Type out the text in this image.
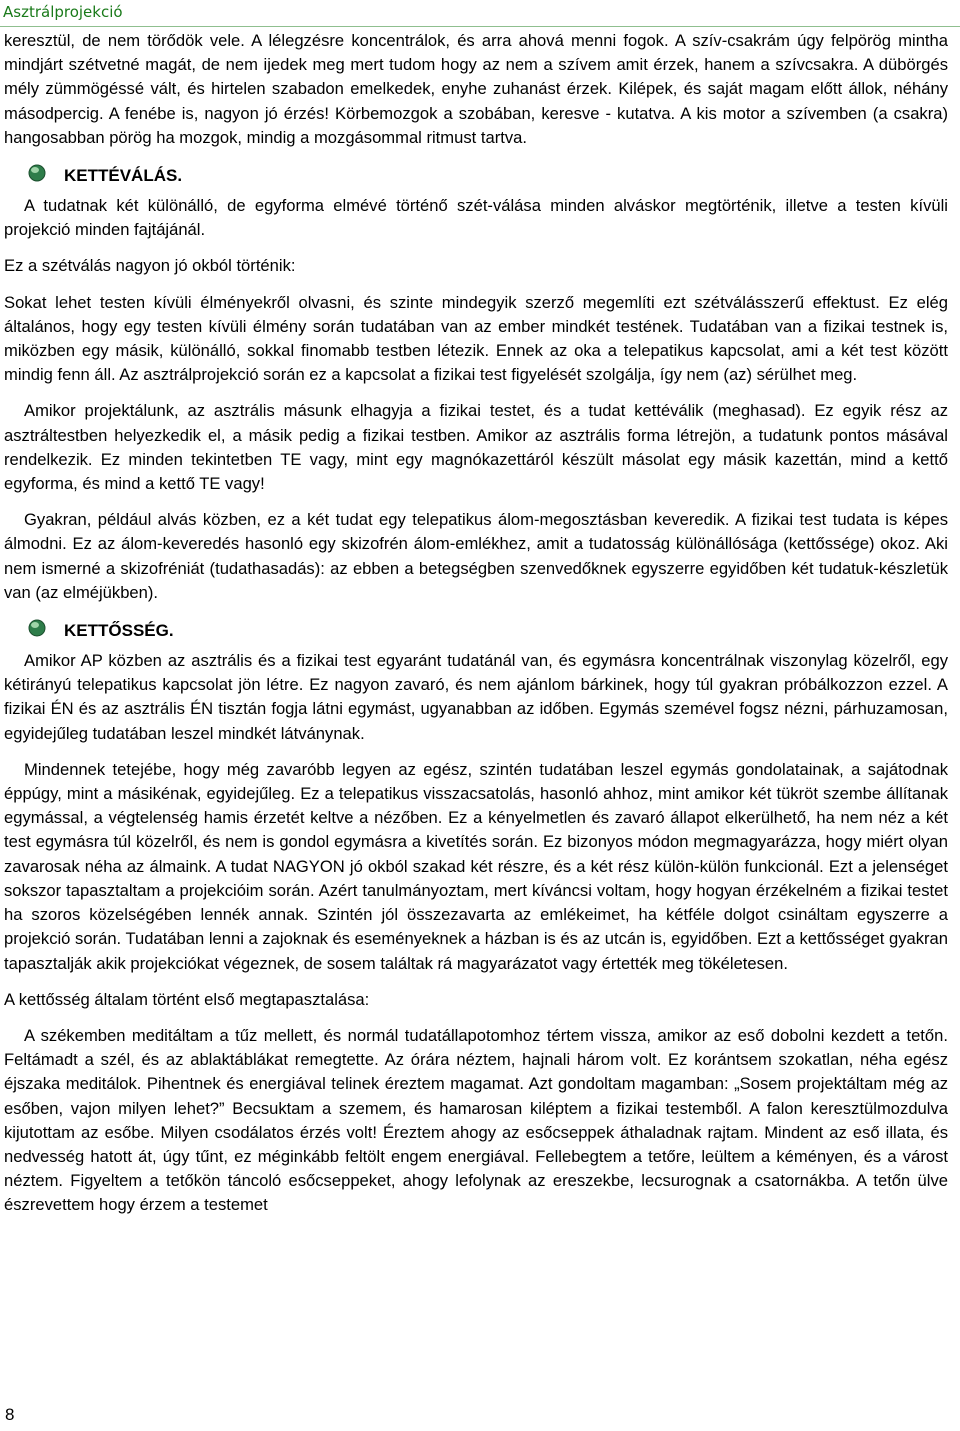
Asztrálprojekció

keresztül, de nem törődök vele. A lélegzésre koncentrálok, és arra ahová menni fogok. A szív-csakrám úgy felpörög mintha mindjárt szétvetné magát, de nem ijedek meg mert tudom hogy az nem a szívem amit érzek, hanem a szívcsakra. A dübörgés mély zümmögéssé vált, és hirtelen szabadon emelkedek, enyhe zuhanást érzek. Kilépek, és saját magam előtt állok, néhány másodpercig. A fenébe is, nagyon jó érzés! Körbemozgok a szobában, keresve - kutatva. A kis motor a szívemben (a csakra) hangosabban pörög ha mozgok, mindig a mozgásommal ritmust tartva.

KETTÉVÁLÁS.

A tudatnak két különálló, de egyforma elmévé történő szét-válása minden alváskor megtörténik, illetve a testen kívüli projekció minden fajtájánál.

Ez a szétválás nagyon jó okból történik:

Sokat lehet testen kívüli élményekről olvasni, és szinte mindegyik szerző megemlíti ezt szétválásszerű effektust. Ez elég általános, hogy egy testen kívüli élmény során tudatában van az ember mindkét testének. Tudatában van a fizikai testnek is, miközben egy másik, különálló, sokkal finomabb testben létezik. Ennek az oka a telepatikus kapcsolat, ami a két test között mindig fenn áll. Az asztrálprojekció során ez a kapcsolat a fizikai test figyelését szolgálja, így nem (az) sérülhet meg.

Amikor projektálunk, az asztrális másunk elhagyja a fizikai testet, és a tudat kettéválik (meghasad). Ez egyik rész az asztráltestben helyezkedik el, a másik pedig a fizikai testben. Amikor az asztrális forma létrejön, a tudatunk pontos másával rendelkezik. Ez minden tekintetben TE vagy, mint egy magnókazettáról készült másolat egy másik kazettán, mind a kettő egyforma, és mind a kettő TE vagy!

Gyakran, például alvás közben, ez a két tudat egy telepatikus álom-megosztásban keveredik. A fizikai test tudata is képes álmodni. Ez az álom-keveredés hasonló egy skizofrén álom-emlékhez, amit a tudatosság különállósága (kettőssége) okoz. Aki nem ismerné a skizofréniát (tudathasadás): az ebben a betegségben szenvedőknek egyszerre egyidőben két tudatuk-készletük van (az elméjükben).

KETTŐSSÉG.

Amikor AP közben az asztrális és a fizikai test egyaránt tudatánál van, és egymásra koncentrálnak viszonylag közelről, egy kétirányú telepatikus kapcsolat jön létre. Ez nagyon zavaró, és nem ajánlom bárkinek, hogy túl gyakran próbálkozzon ezzel. A fizikai ÉN és az asztrális ÉN tisztán fogja látni egymást, ugyanabban az időben. Egymás szemével fogsz nézni, párhuzamosan, egyidejűleg tudatában leszel mindkét látványnak.

Mindennek tetejébe, hogy még zavaróbb legyen az egész, szintén tudatában leszel egymás gondolatainak, a sajátodnak éppúgy, mint a másikénak, egyidejűleg. Ez a telepatikus visszacsatolás, hasonló ahhoz, mint amikor két tükröt szembe állítanak egymással, a végtelenség hamis érzetét keltve a nézőben. Ez a kényelmetlen és zavaró állapot elkerülhető, ha nem néz a két test egymásra túl közelről, és nem is gondol egymásra a kivetítés során. Ez bizonyos módon megmagyarázza, hogy miért olyan zavarosak néha az álmaink. A tudat NAGYON jó okból szakad két részre, és a két rész külön-külön funkcionál. Ezt a jelenséget sokszor tapasztaltam a projekcióim során. Azért tanulmányoztam, mert kíváncsi voltam, hogy hogyan érzékelném a fizikai testet ha szoros közelségében lennék annak. Szintén jól összezavarta az emlékeimet, ha kétféle dolgot csináltam egyszerre a projekció során. Tudatában lenni a zajoknak és eseményeknek a házban is és az utcán is, egyidőben. Ezt a kettősséget gyakran tapasztalják akik projekciókat végeznek, de sosem találtak rá magyarázatot vagy értették meg tökéletesen.

A kettősség általam történt első megtapasztalása:

A székemben meditáltam a tűz mellett, és normál tudatállapotomhoz tértem vissza, amikor az eső dobolni kezdett a tetőn. Feltámadt a szél, és az ablaktáblákat remegtette. Az órára néztem, hajnali három volt. Ez korántsem szokatlan, néha egész éjszaka meditálok. Pihentnek és energiával telinek éreztem magamat. Azt gondoltam magamban: „Sosem projektáltam még az esőben, vajon milyen lehet?” Becsuktam a szemem, és hamarosan kiléptem a fizikai testemből. A falon keresztülmozdulva kijutottam az esőbe. Milyen csodálatos érzés volt! Éreztem ahogy az esőcseppek áthaladnak rajtam. Mindent az eső illata, és nedvesség hatott át, úgy tűnt, ez méginkább feltölt engem energiával. Fellebegtem a tetőre, leültem a kéményen, és a várost néztem. Figyeltem a tetőkön táncoló esőcseppeket, ahogy lefolynak az ereszekbe, lecsurognak a csatornákba. A tetőn ülve észrevettem hogy érzem a testemet

8
